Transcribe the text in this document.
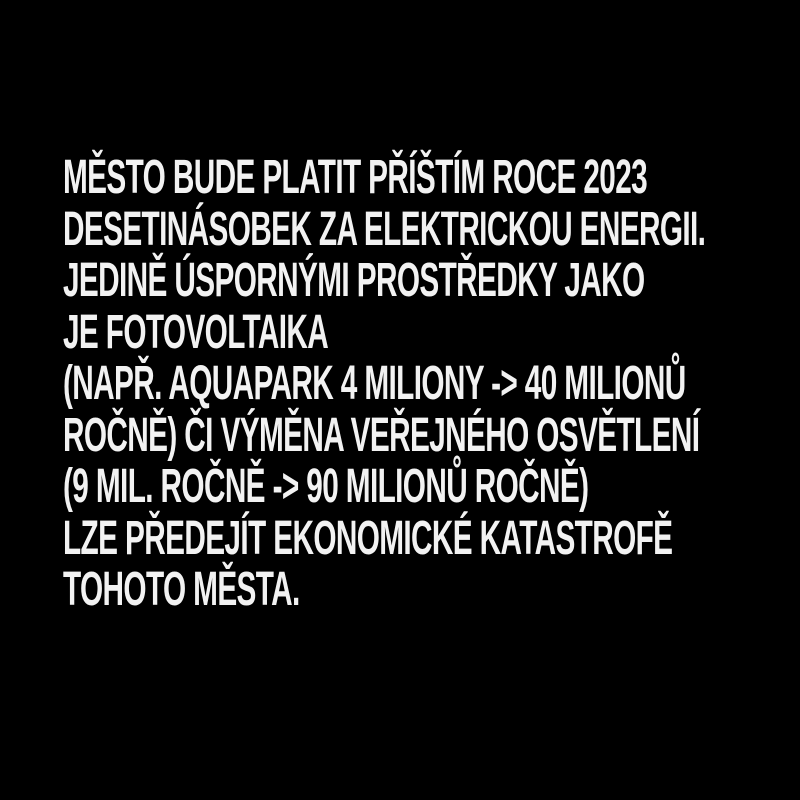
MĚSTO BUDE PLATIT PŘÍŠTÍM ROCE 2023
DESETINÁSOBEK ZA ELEKTRICKOU ENERGII.
JEDINĚ ÚSPORNÝMI PROSTŘEDKY JAKO
JE FOTOVOLTAIKA
(NAPŘ. AQUAPARK 4 MILIONY -> 40 MILIONŮ
ROČNĚ) ČI VÝMĚNA VEŘEJNÉHO OSVĚTLENÍ
(9 MIL. ROČNĚ -> 90 MILIONŮ ROČNĚ)
LZE PŘEDEJÍT EKONOMICKÉ KATASTROFĚ
TOHOTO MĚSTA.
